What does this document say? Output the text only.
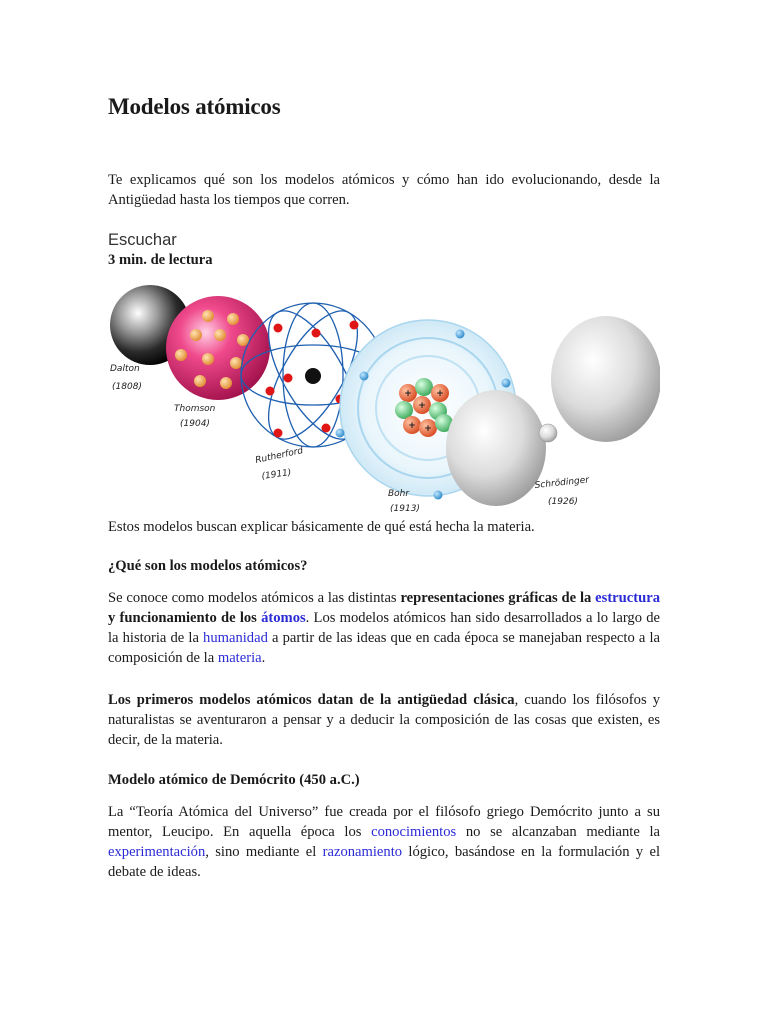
Modelos atómicos

Te explicamos qué son los modelos atómicos y cómo han ido evolucionando, desde la Antigüedad hasta los tiempos que corren.

Escuchar
3 min. de lectura
+	+
+
+ +
Dalton
(1808)
Thomson
(1904)
Rutherford
(1911)
Bohr
(1913)
Schrödinger
(1926)

Estos modelos buscan explicar básicamente de qué está hecha la materia.

¿Qué son los modelos atómicos?

Se conoce como modelos atómicos a las distintas representaciones gráficas de la estructura y funcionamiento de los átomos. Los modelos atómicos han sido desarrollados a lo largo de la historia de la humanidad a partir de las ideas que en cada época se manejaban respecto a la composición de la materia.

Los primeros modelos atómicos datan de la antigüedad clásica, cuando los filósofos y naturalistas se aventuraron a pensar y a deducir la composición de las cosas que existen, es decir, de la materia.

Modelo atómico de Demócrito (450 a.C.)

La “Teoría Atómica del Universo” fue creada por el filósofo griego Demócrito junto a su mentor, Leucipo. En aquella época los conocimientos no se alcanzaban mediante la experimentación, sino mediante el razonamiento lógico, basándose en la formulación y el debate de ideas.
